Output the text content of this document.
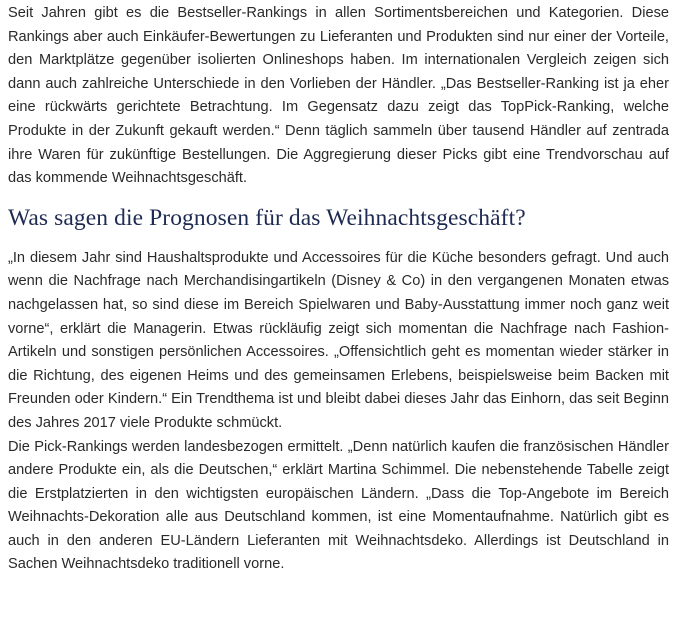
Seit Jahren gibt es die Bestseller-Rankings in allen Sortimentsbereichen und Kategorien. Diese Rankings aber auch Einkäufer-Bewertungen zu Lieferanten und Produkten sind nur einer der Vorteile, den Marktplätze gegenüber isolierten Onlineshops haben. Im internationalen Vergleich zeigen sich dann auch zahlreiche Unterschiede in den Vorlieben der Händler. „Das Bestseller-Ranking ist ja eher eine rückwärts gerichtete Betrachtung. Im Gegensatz dazu zeigt das TopPick-Ranking, welche Produkte in der Zukunft gekauft werden.“ Denn täglich sammeln über tausend Händler auf zentrada ihre Waren für zukünftige Bestellungen. Die Aggregierung dieser Picks gibt eine Trendvorschau auf das kommende Weihnachtsgeschäft.

Was sagen die Prognosen für das Weihnachtsgeschäft?

„In diesem Jahr sind Haushaltsprodukte und Accessoires für die Küche besonders gefragt. Und auch wenn die Nachfrage nach Merchandisingartikeln (Disney & Co) in den vergangenen Monaten etwas nachgelassen hat, so sind diese im Bereich Spielwaren und Baby-Ausstattung immer noch ganz weit vorne“, erklärt die Managerin. Etwas rückläufig zeigt sich momentan die Nachfrage nach Fashion-Artikeln und sonstigen persönlichen Accessoires. „Offensichtlich geht es momentan wieder stärker in die Richtung, des eigenen Heims und des gemeinsamen Erlebens, beispielsweise beim Backen mit Freunden oder Kindern.“ Ein Trendthema ist und bleibt dabei dieses Jahr das Einhorn, das seit Beginn des Jahres 2017 viele Produkte schmückt.

Die Pick-Rankings werden landesbezogen ermittelt. „Denn natürlich kaufen die französischen Händler andere Produkte ein, als die Deutschen,“ erklärt Martina Schimmel. Die nebenstehende Tabelle zeigt die Erstplatzierten in den wichtigsten europäischen Ländern. „Dass die Top-Angebote im Bereich Weihnachts-Dekoration alle aus Deutschland kommen, ist eine Momentaufnahme. Natürlich gibt es auch in den anderen EU-Ländern Lieferanten mit Weihnachtsdeko. Allerdings ist Deutschland in Sachen Weihnachtsdeko traditionell vorne.
